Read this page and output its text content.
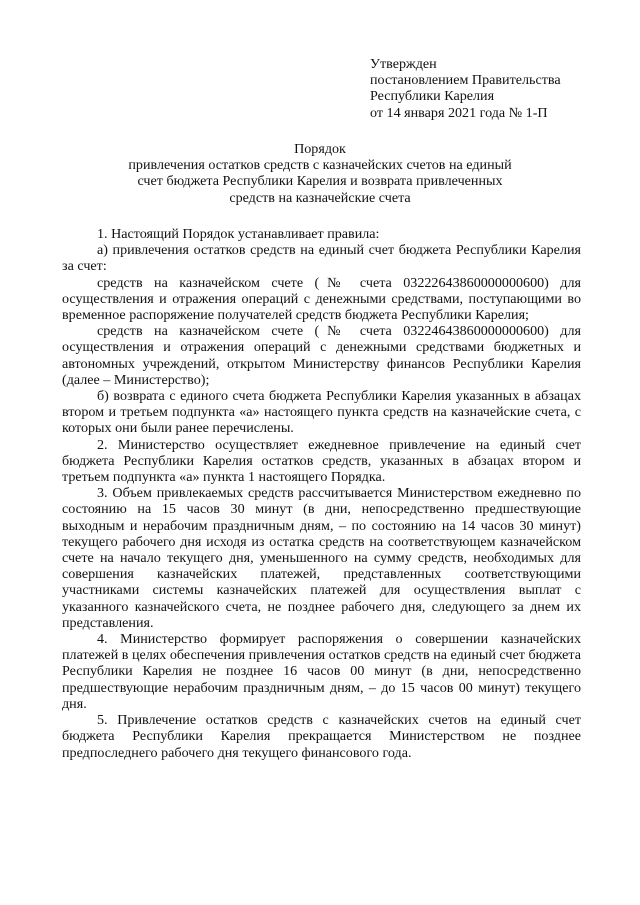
Утвержден
постановлением Правительства
Республики Карелия
от 14 января 2021 года № 1-П
Порядок
привлечения остатков средств с казначейских счетов на единый
счет бюджета Республики Карелия и возврата привлеченных
средств на казначейские счета

1. Настоящий Порядок устанавливает правила:

а) привлечения остатков средств на единый счет бюджета Республики Карелия за счет:

средств на казначейском счете (№ счета 03222643860000000600) для осуществления и отражения операций с денежными средствами, поступающими во временное распоряжение получателей средств бюджета Республики Карелия;

средств на казначейском счете (№ счета 03224643860000000600) для осуществления и отражения операций с денежными средствами бюджетных и автономных учреждений, открытом Министерству финансов Республики Карелия (далее – Министерство);

б) возврата с единого счета бюджета Республики Карелия указанных в абзацах втором и третьем подпункта «а» настоящего пункта средств на казначейские счета, с которых они были ранее перечислены.

2. Министерство осуществляет ежедневное привлечение на единый счет бюджета Республики Карелия остатков средств, указанных в абзацах втором и третьем подпункта «а» пункта 1 настоящего Порядка.

3. Объем привлекаемых средств рассчитывается Министерством ежедневно по состоянию на 15 часов 30 минут (в дни, непосредственно предшествующие выходным и нерабочим праздничным дням, – по состоянию на 14 часов 30 минут) текущего рабочего дня исходя из остатка средств на соответствующем казначейском счете на начало текущего дня, уменьшенного на сумму средств, необходимых для совершения казначейских платежей, представленных соответствующими участниками системы казначейских платежей для осуществления выплат с указанного казначейского счета, не позднее рабочего дня, следующего за днем их представления.

4. Министерство формирует распоряжения о совершении казначейских платежей в целях обеспечения привлечения остатков средств на единый счет бюджета Республики Карелия не позднее 16 часов 00 минут (в дни, непосредственно предшествующие нерабочим праздничным дням, – до 15 часов 00 минут) текущего дня.

5. Привлечение остатков средств с казначейских счетов на единый счет бюджета Республики Карелия прекращается Министерством не позднее предпоследнего рабочего дня текущего финансового года.
